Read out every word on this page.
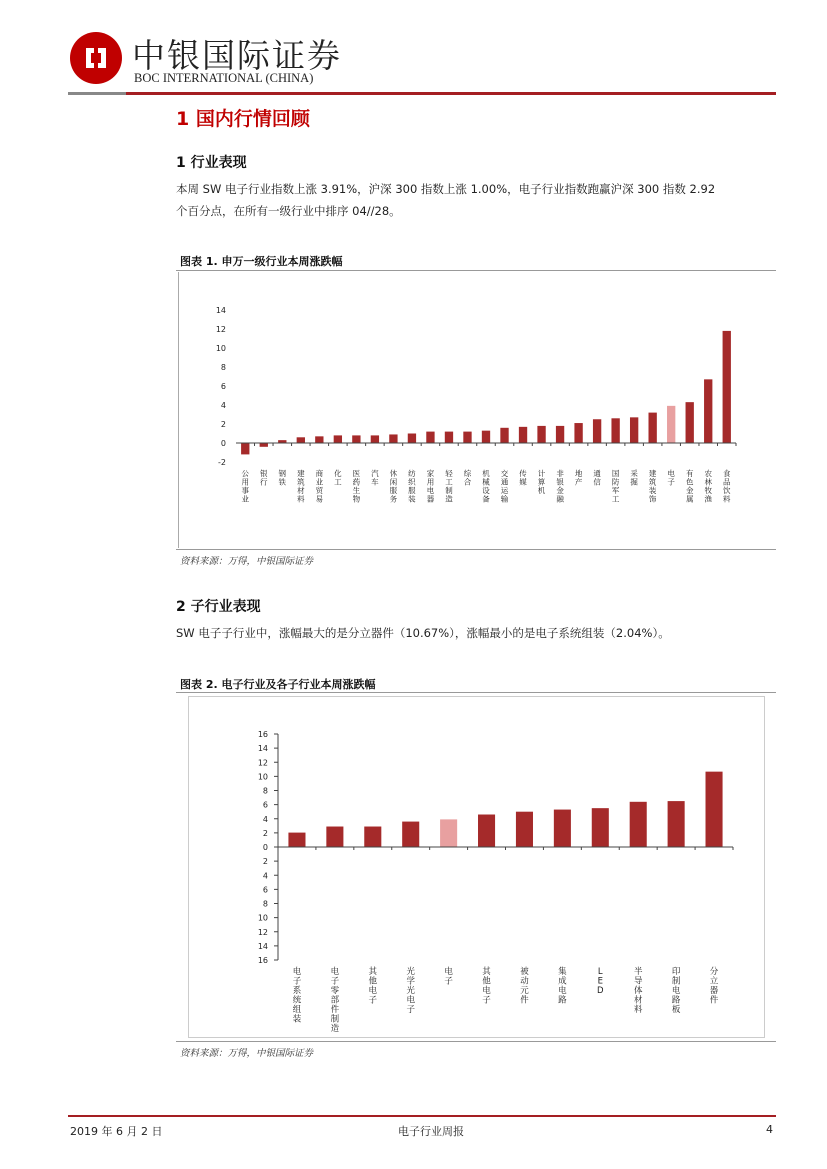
中银国际证券
BOC INTERNATIONAL (CHINA)
1 国内行情回顾
1 行业表现
本周 SW 电子行业指数上涨 3.91%，沪深 300 指数上涨 1.00%，电子行业指数跑赢沪深 300 指数 2.92
个百分点，在所有一级行业中排序 04//28。
图表 1. 申万一级行业本周涨跌幅
-2
0
2
4
6
8
10
12
14
公用事业
银行
钢铁
建筑材料
商业贸易
化工
医药生物
汽车
休闲服务
纺织服装
家用电器
轻工制造
综合
机械设备
交通运输
传媒
计算机
非银金融
地产
通信
国防军工
采掘
建筑装饰
电子
有色金属
农林牧渔
食品饮料
资料来源：万得，中银国际证券
2 子行业表现
SW 电子子行业中，涨幅最大的是分立器件（10.67%），涨幅最小的是电子系统组装（2.04%）。
图表 2. 电子行业及各子行业本周涨跌幅
16
14
12
10
8
6
4
2
0
2
4
6
8
10
12
14
16
电子系统组装
电子零部件制造
其他电子
光学光电子
电子
其他电子
被动元件
集成电路
L E D
半导体材料
印制电路板
分立器件
资料来源：万得，中银国际证券
2019 年 6 月 2 日	电子行业周报	4
